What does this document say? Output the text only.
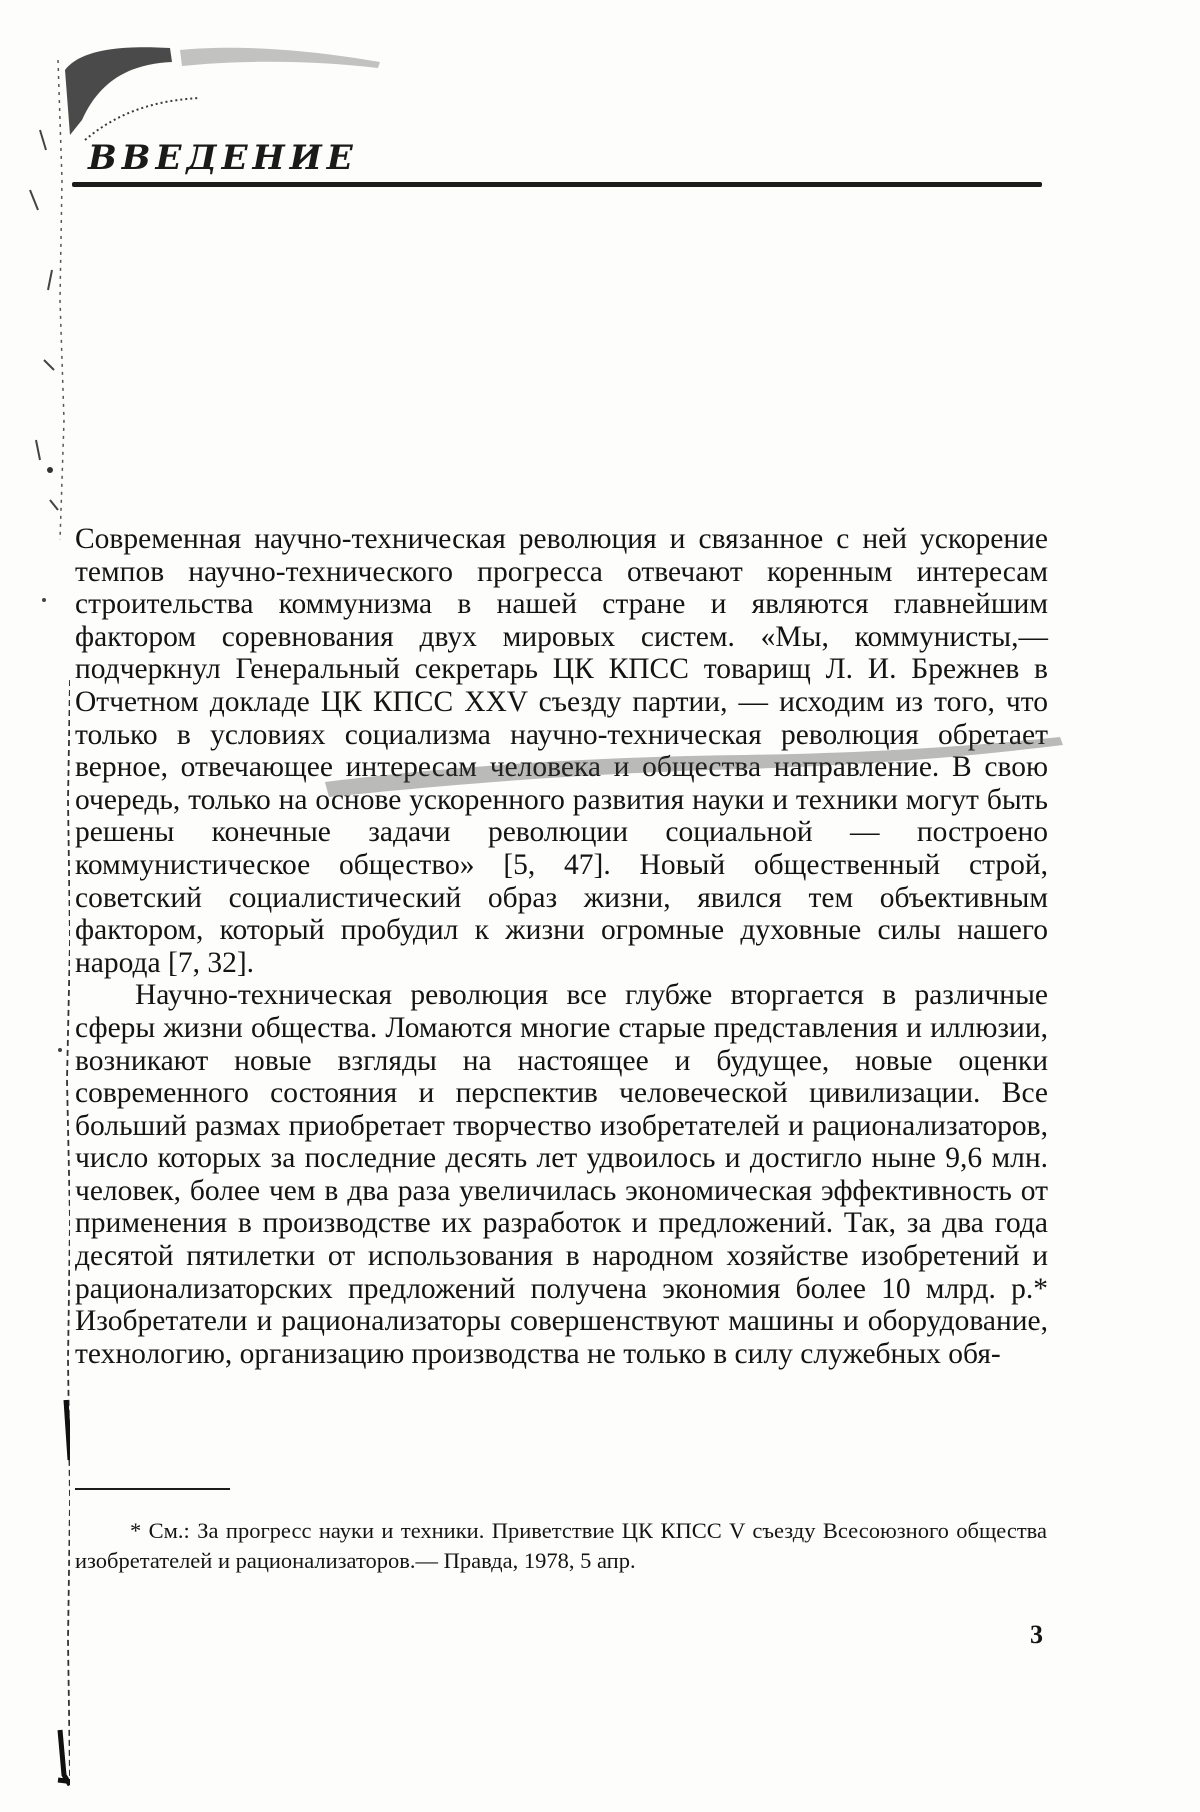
ВВЕДЕНИЕ

Современная научно-техническая революция и связанное с ней ускорение темпов научно-технического прогресса отвечают коренным интересам строительства коммунизма в нашей стране и являются главнейшим фактором соревнования двух мировых систем. «Мы, коммунисты,— подчеркнул Генеральный секретарь ЦК КПСС товарищ Л. И. Брежнев в Отчетном докладе ЦК КПСС XXV съезду партии, — исходим из того, что только в условиях социализма научно-техническая революция обретает верное, отвечающее интересам человека и общества направление. В свою очередь, только на основе ускоренного развития науки и техники могут быть решены конечные задачи революции социальной — построено коммунистическое общество» [5, 47]. Новый общественный строй, советский социалистический образ жизни, явился тем объективным фактором, который пробудил к жизни огромные духовные силы нашего народа [7, 32].

Научно-техническая революция все глубже вторгается в различные сферы жизни общества. Ломаются многие старые представления и иллюзии, возникают новые взгляды на настоящее и будущее, новые оценки современного состояния и перспектив человеческой цивилизации. Все больший размах приобретает творчество изобретателей и рационализаторов, число которых за последние десять лет удвоилось и достигло ныне 9,6 млн. человек, более чем в два раза увеличилась экономическая эффективность от применения в производстве их разработок и предложений. Так, за два года десятой пятилетки от использования в народном хозяйстве изобретений и рационализаторских предложений получена экономия более 10 млрд. р.* Изобретатели и рационализаторы совершенствуют машины и оборудование, технологию, организацию производства не только в силу служебных обя-

* См.: За прогресс науки и техники. Приветствие ЦК КПСС V съезду Всесоюзного общества изобретателей и рационализаторов.— Правда, 1978, 5 апр.
3
